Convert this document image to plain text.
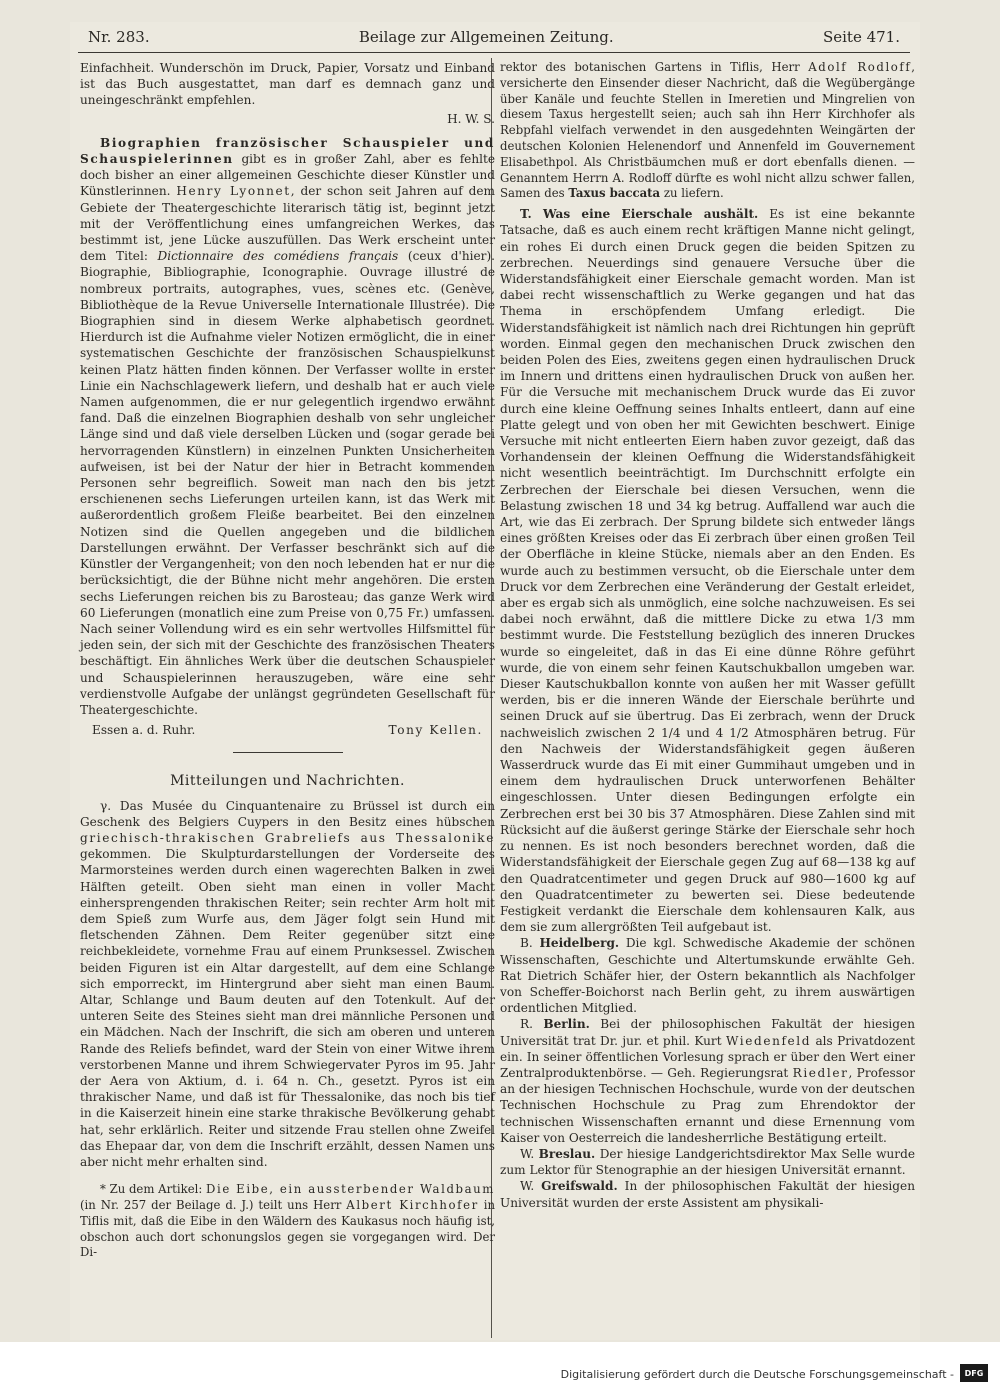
Nr. 283.	Beilage zur Allgemeinen Zeitung.	Seite 471.

Einfachheit. Wunderschön im Druck, Papier, Vorsatz und Einband ist das Buch ausgestattet, man darf es demnach ganz und uneingeschränkt empfehlen.

H. W. S.

Biographien französischer Schauspieler und Schauspielerinnen gibt es in großer Zahl, aber es fehlte doch bisher an einer allgemeinen Geschichte dieser Künstler und Künstlerinnen. Henry Lyonnet, der schon seit Jahren auf dem Gebiete der Theatergeschichte literarisch tätig ist, beginnt jetzt mit der Veröffentlichung eines umfangreichen Werkes, das bestimmt ist, jene Lücke auszufüllen. Das Werk erscheint unter dem Titel: Dictionnaire des comédiens français (ceux d'hier). Biographie, Bibliographie, Iconographie. Ouvrage illustré de nombreux portraits, autographes, vues, scènes etc. (Genève, Bibliothèque de la Revue Universelle Internationale Illustrée). Die Biographien sind in diesem Werke alphabetisch geordnet. Hierdurch ist die Aufnahme vieler Notizen ermöglicht, die in einer systematischen Geschichte der französischen Schauspielkunst keinen Platz hätten finden können. Der Verfasser wollte in erster Linie ein Nachschlagewerk liefern, und deshalb hat er auch viele Namen aufgenommen, die er nur gelegentlich irgendwo erwähnt fand. Daß die einzelnen Biographien deshalb von sehr ungleicher Länge sind und daß viele derselben Lücken und (sogar gerade bei hervorragenden Künstlern) in einzelnen Punkten Unsicherheiten aufweisen, ist bei der Natur der hier in Betracht kommenden Personen sehr begreiflich. Soweit man nach den bis jetzt erschienenen sechs Lieferungen urteilen kann, ist das Werk mit außerordentlich großem Fleiße bearbeitet. Bei den einzelnen Notizen sind die Quellen angegeben und die bildlichen Darstellungen erwähnt. Der Verfasser beschränkt sich auf die Künstler der Vergangenheit; von den noch lebenden hat er nur die berücksichtigt, die der Bühne nicht mehr angehören. Die ersten sechs Lieferungen reichen bis zu Barosteau; das ganze Werk wird 60 Lieferungen (monatlich eine zum Preise von 0,75 Fr.) umfassen. Nach seiner Vollendung wird es ein sehr wertvolles Hilfsmittel für jeden sein, der sich mit der Geschichte des französischen Theaters beschäftigt. Ein ähnliches Werk über die deutschen Schauspieler und Schauspielerinnen herauszugeben, wäre eine sehr verdienstvolle Aufgabe der unlängst gegründeten Gesellschaft für Theatergeschichte.

Essen a. d. Ruhr.	Tony Kellen.
Mitteilungen und Nachrichten.

γ. Das Musée du Cinquantenaire zu Brüssel ist durch ein Geschenk des Belgiers Cuypers in den Besitz eines hübschen griechisch-thrakischen Grabreliefs aus Thessalonike gekommen. Die Skulpturdarstellungen der Vorderseite des Marmorsteines werden durch einen wagerechten Balken in zwei Hälften geteilt. Oben sieht man einen in voller Macht einhersprengenden thrakischen Reiter; sein rechter Arm holt mit dem Spieß zum Wurfe aus, dem Jäger folgt sein Hund mit fletschenden Zähnen. Dem Reiter gegenüber sitzt eine reichbekleidete, vornehme Frau auf einem Prunksessel. Zwischen beiden Figuren ist ein Altar dargestellt, auf dem eine Schlange sich emporreckt, im Hintergrund aber sieht man einen Baum. Altar, Schlange und Baum deuten auf den Totenkult. Auf der unteren Seite des Steines sieht man drei männliche Personen und ein Mädchen. Nach der Inschrift, die sich am oberen und unteren Rande des Reliefs befindet, ward der Stein von einer Witwe ihrem verstorbenen Manne und ihrem Schwiegervater Pyros im 95. Jahr der Aera von Aktium, d. i. 64 n. Ch., gesetzt. Pyros ist ein thrakischer Name, und daß ist für Thessalonike, das noch bis tief in die Kaiserzeit hinein eine starke thrakische Bevölkerung gehabt hat, sehr erklärlich. Reiter und sitzende Frau stellen ohne Zweifel das Ehepaar dar, von dem die Inschrift erzählt, dessen Namen uns aber nicht mehr erhalten sind.

* Zu dem Artikel: Die Eibe, ein aussterbender Waldbaum (in Nr. 257 der Beilage d. J.) teilt uns Herr Albert Kirchhofer in Tiflis mit, daß die Eibe in den Wäldern des Kaukasus noch häufig ist, obschon auch dort schonungslos gegen sie vorgegangen wird. Der Di-

rektor des botanischen Gartens in Tiflis, Herr Adolf Rodloff, versicherte den Einsender dieser Nachricht, daß die Wegübergänge über Kanäle und feuchte Stellen in Imeretien und Mingrelien von diesem Taxus hergestellt seien; auch sah ihn Herr Kirchhofer als Rebpfahl vielfach verwendet in den ausgedehnten Weingärten der deutschen Kolonien Helenendorf und Annenfeld im Gouvernement Elisabethpol. Als Christbäumchen muß er dort ebenfalls dienen. — Genanntem Herrn A. Rodloff dürfte es wohl nicht allzu schwer fallen, Samen des Taxus baccata zu liefern.

T. Was eine Eierschale aushält. Es ist eine bekannte Tatsache, daß es auch einem recht kräftigen Manne nicht gelingt, ein rohes Ei durch einen Druck gegen die beiden Spitzen zu zerbrechen. Neuerdings sind genauere Versuche über die Widerstandsfähigkeit einer Eierschale gemacht worden. Man ist dabei recht wissenschaftlich zu Werke gegangen und hat das Thema in erschöpfendem Umfang erledigt. Die Widerstandsfähigkeit ist nämlich nach drei Richtungen hin geprüft worden. Einmal gegen den mechanischen Druck zwischen den beiden Polen des Eies, zweitens gegen einen hydraulischen Druck im Innern und drittens einen hydraulischen Druck von außen her. Für die Versuche mit mechanischem Druck wurde das Ei zuvor durch eine kleine Oeffnung seines Inhalts entleert, dann auf eine Platte gelegt und von oben her mit Gewichten beschwert. Einige Versuche mit nicht entleerten Eiern haben zuvor gezeigt, daß das Vorhandensein der kleinen Oeffnung die Widerstandsfähigkeit nicht wesentlich beeinträchtigt. Im Durchschnitt erfolgte ein Zerbrechen der Eierschale bei diesen Versuchen, wenn die Belastung zwischen 18 und 34 kg betrug. Auffallend war auch die Art, wie das Ei zerbrach. Der Sprung bildete sich entweder längs eines größten Kreises oder das Ei zerbrach über einen großen Teil der Oberfläche in kleine Stücke, niemals aber an den Enden. Es wurde auch zu bestimmen versucht, ob die Eierschale unter dem Druck vor dem Zerbrechen eine Veränderung der Gestalt erleidet, aber es ergab sich als unmöglich, eine solche nachzuweisen. Es sei dabei noch erwähnt, daß die mittlere Dicke zu etwa 1/3 mm bestimmt wurde. Die Feststellung bezüglich des inneren Druckes wurde so eingeleitet, daß in das Ei eine dünne Röhre geführt wurde, die von einem sehr feinen Kautschukballon umgeben war. Dieser Kautschukballon konnte von außen her mit Wasser gefüllt werden, bis er die inneren Wände der Eierschale berührte und seinen Druck auf sie übertrug. Das Ei zerbrach, wenn der Druck nachweislich zwischen 2 1/4 und 4 1/2 Atmosphären betrug. Für den Nachweis der Widerstandsfähigkeit gegen äußeren Wasserdruck wurde das Ei mit einer Gummihaut umgeben und in einem dem hydraulischen Druck unterworfenen Behälter eingeschlossen. Unter diesen Bedingungen erfolgte ein Zerbrechen erst bei 30 bis 37 Atmosphären. Diese Zahlen sind mit Rücksicht auf die äußerst geringe Stärke der Eierschale sehr hoch zu nennen. Es ist noch besonders berechnet worden, daß die Widerstandsfähigkeit der Eierschale gegen Zug auf 68—138 kg auf den Quadratcentimeter und gegen Druck auf 980—1600 kg auf den Quadratcentimeter zu bewerten sei. Diese bedeutende Festigkeit verdankt die Eierschale dem kohlensauren Kalk, aus dem sie zum allergrößten Teil aufgebaut ist.

B. Heidelberg. Die kgl. Schwedische Akademie der schönen Wissenschaften, Geschichte und Altertumskunde erwählte Geh. Rat Dietrich Schäfer hier, der Ostern bekanntlich als Nachfolger von Scheffer-Boichorst nach Berlin geht, zu ihrem auswärtigen ordentlichen Mitglied.

R. Berlin. Bei der philosophischen Fakultät der hiesigen Universität trat Dr. jur. et phil. Kurt Wiedenfeld als Privatdozent ein. In seiner öffentlichen Vorlesung sprach er über den Wert einer Zentralproduktenbörse. — Geh. Regierungsrat Riedler, Professor an der hiesigen Technischen Hochschule, wurde von der deutschen Technischen Hochschule zu Prag zum Ehrendoktor der technischen Wissenschaften ernannt und diese Ernennung vom Kaiser von Oesterreich die landesherrliche Bestätigung erteilt.

W. Breslau. Der hiesige Landgerichtsdirektor Max Selle wurde zum Lektor für Stenographie an der hiesigen Universität ernannt.

W. Greifswald. In der philosophischen Fakultät der hiesigen Universität wurden der erste Assistent am physikali-

Digitalisierung gefördert durch die Deutsche Forschungsgemeinschaft -	DFG
